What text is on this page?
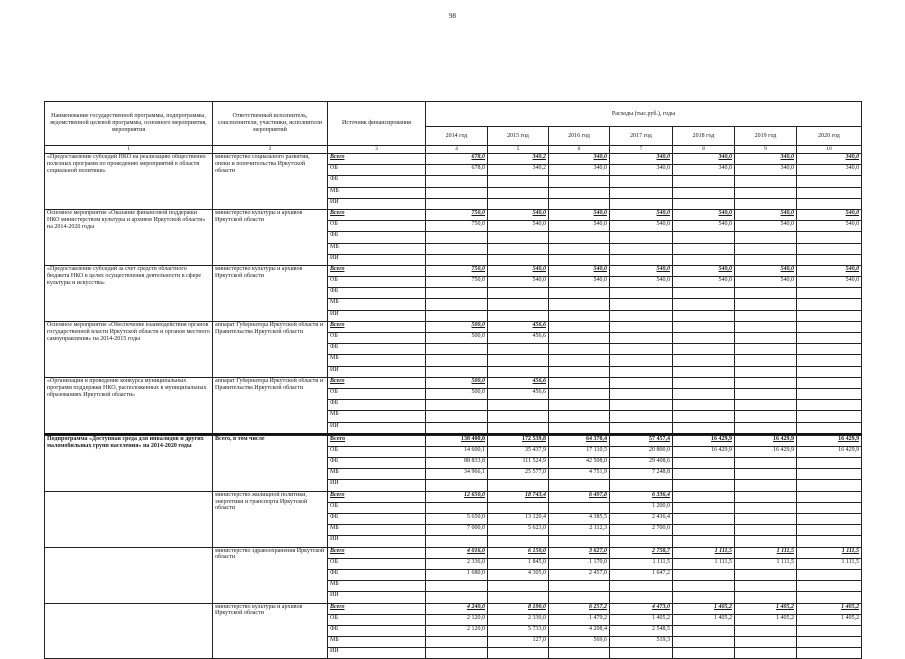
98
Наименование государственной программы, подпрограммы, ведомственной целевой программы, основного мероприятия, мероприятия	Ответственный исполнитель, соисполнители, участники, исполнители мероприятий	Источник финансирования	Расходы (тыс.руб.), годы						
			2014 год	2015 год	2016 год	2017 год	2018 год	2019 год	2020 год
1	2	3	4	5	6	7	8	9	10
«Предоставление субсидий НКО на реализацию общественно полезных программ по проведению мероприятий в области социальной политики»	министерство социального развития, опеки и попечительства Иркутской области	Всего	678,0	340,2	340,0	340,0	340,0	340,0	340,0
		ОБ	678,0	340,2	340,0	340,0	340,0	340,0	340,0
		ФБ							
		МБ							
		ИИ							
Основное мероприятие «Оказание финансовой поддержки НКО министерством культуры и архивов Иркутской области» на 2014-2020 годы	министерство культуры и архивов Иркутской области	Всего	750,0	540,0	540,0	540,0	540,0	540,0	540,0
		ОБ	750,0	540,0	540,0	540,0	540,0	540,0	540,0
		ФБ							
		МБ							
		ИИ							
«Предоставление субсидий за счет средств областного бюджета НКО в целях осуществления деятельности в сфере культуры и искусства»	министерство культуры и архивов Иркутской области	Всего	750,0	540,0	540,0	540,0	540,0	540,0	540,0
		ОБ	750,0	540,0	540,0	540,0	540,0	540,0	540,0
		ФБ							
		МБ							
		ИИ							
Основное мероприятие «Обеспечение взаимодействия органов государственной власти Иркутской области и органов местного самоуправления» на 2014-2015 годы	аппарат Губернатора Иркутской области и Правительства Иркутской области	Всего	500,0	456,6					
		ОБ	500,0	456,6					
		ФБ							
		МБ							
		ИИ							
«Организация и проведение конкурса муниципальных программ поддержки НКО, расположенных в муниципальных образованиях Иркутской области»	аппарат Губернатора Иркутской области и Правительства Иркутской области	Всего	500,0	456,6					
		ОБ	500,0	456,6					
		ФБ							
		МБ							
		ИИ							

Подпрограмма «Доступная среда для инвалидов и других маломобильных групп населения» на 2014-2020 годы	Всего, в том числе	Всего	138 400,0	172 539,8	64 370,4	57 457,4	16 429,9	16 429,9	16 429,9
		ОБ	14 600,1	35 437,9	17 110,5	20 800,0	16 429,9	16 429,9	16 429,9
		ФБ	88 833,8	111 524,9	42 508,0	29 408,6			
		МБ	34 966,1	25 577,0	4 751,9	7 248,8			
		ИИ							
	министерство жилищной политики, энергетики и транспорта Иркутской области	Всего	12 650,0	18 743,4	6 497,8	6 336,4			
		ОБ				1 200,0			
		ФБ	5 650,0	13 120,4	4 385,5	2 436,4			
		МБ	7 000,0	5 623,0	2 112,3	2 700,0			
		ИИ							
	министерство здравоохранения Иркутской области	Всего	4 016,0	6 150,0	3 627,0	2 758,7	1 111,5	1 111,5	1 111,5
		ОБ	2 336,0	1 845,0	1 170,0	1 111,5	1 111,5	1 111,5	1 111,5
		ФБ	1 680,0	4 305,0	2 457,0	1 647,2			
		МБ							
		ИИ							
	министерство культуры и архивов Иркутской области	Всего	4 240,0	8 190,0	6 257,2	4 473,0	1 405,2	1 405,2	1 405,2
		ОБ	2 120,0	2 330,0	1 479,2	1 405,2	1 405,2	1 405,2	1 405,2
		ФБ	2 120,0	5 733,0	4 208,4	2 548,5			
		МБ		127,0	569,6	519,3			
		ИИ							
